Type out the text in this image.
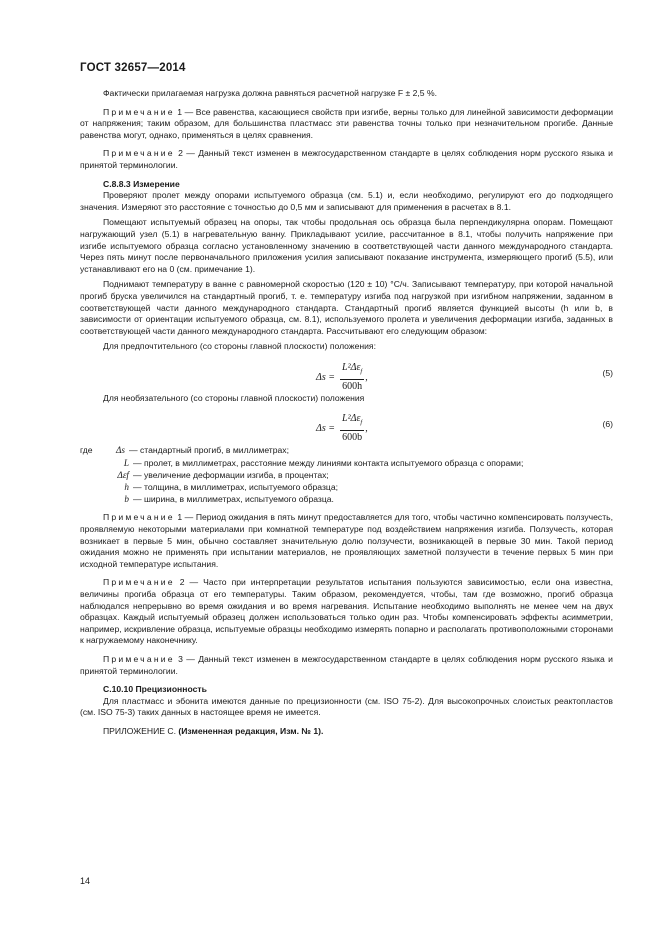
ГОСТ 32657—2014

Фактически прилагаемая нагрузка должна равняться расчетной нагрузке F ± 2,5 %.

Примечание 1 — Все равенства, касающиеся свойств при изгибе, верны только для линейной зависимости деформации от напряжения; таким образом, для большинства пластмасс эти равенства точны только при незначительном прогибе. Данные равенства могут, однако, применяться в целях сравнения.

Примечание 2 — Данный текст изменен в межгосударственном стандарте в целях соблюдения норм русского языка и принятой терминологии.

С.8.8.3 Измерение

Проверяют пролет между опорами испытуемого образца (см. 5.1) и, если необходимо, регулируют его до подходящего значения. Измеряют это расстояние с точностью до 0,5 мм и записывают для применения в расчетах в 8.1.

Помещают испытуемый образец на опоры, так чтобы продольная ось образца была перпендикулярна опорам. Помещают нагружающий узел (5.1) в нагревательную ванну. Прикладывают усилие, рассчитанное в 8.1, чтобы получить напряжение при изгибе испытуемого образца согласно установленному значению в соответствующей части данного международного стандарта. Через пять минут после первоначального приложения усилия записывают показание инструмента, измеряющего прогиб (5.5), или устанавливают его на 0 (см. примечание 1).

Поднимают температуру в ванне с равномерной скоростью (120 ± 10) °С/ч. Записывают температуру, при которой начальной прогиб бруска увеличился на стандартный прогиб, т. е. температуру изгиба под нагрузкой при изгибном напряжении, заданном в соответствующей части данного международного стандарта. Стандартный прогиб является функцией высоты (h или b, в зависимости от ориентации испытуемого образца, см. 8.1), используемого пролета и увеличения деформации изгиба, заданных в соответствующей части данного международного стандарта. Рассчитывают его следующим образом:

Для предпочтительного (со стороны главной плоскости) положения:

$\Delta s = \frac{L^2\Delta\varepsilon_f}{600h}$ ,	(5)

Для необязательного (со стороны главной плоскости) положения

$\Delta s = \frac{L^2\Delta\varepsilon_f}{600b}$ ,	(6)
где	Δs — стандартный прогиб, в миллиметрах;
L — пролет, в миллиметрах, расстояние между линиями контакта испытуемого образца с опорами;
Δεf — увеличение деформации изгиба, в процентах;
h — толщина, в миллиметрах, испытуемого образца;
b — ширина, в миллиметрах, испытуемого образца.

Примечание 1 — Период ожидания в пять минут предоставляется для того, чтобы частично компенсировать ползучесть, проявляемую некоторыми материалами при комнатной температуре под воздействием напряжения изгиба. Ползучесть, которая возникает в первые 5 мин, обычно составляет значительную долю ползучести, возникающей в первые 30 мин. Такой период ожидания можно не применять при испытании материалов, не проявляющих заметной ползучести в течение первых 5 мин при исходной температуре испытания.

Примечание 2 — Часто при интерпретации результатов испытания пользуются зависимостью, если она известна, величины прогиба образца от его температуры. Таким образом, рекомендуется, чтобы, там где возможно, прогиб образца наблюдался непрерывно во время ожидания и во время нагревания. Испытание необходимо выполнять не менее чем на двух образцах. Каждый испытуемый образец должен использоваться только один раз. Чтобы компенсировать эффекты асимметрии, например, искривление образца, испытуемые образцы необходимо измерять попарно и располагать противоположными сторонами к нагружаемому наконечнику.

Примечание 3 — Данный текст изменен в межгосударственном стандарте в целях соблюдения норм русского языка и принятой терминологии.

С.10.10 Прецизионность

Для пластмасс и эбонита имеются данные по прецизионности (см. ISO 75-2). Для высокопрочных слоистых реактопластов (см. ISO 75-3) таких данных в настоящее время не имеется.

ПРИЛОЖЕНИЕ С. (Измененная редакция, Изм. № 1).

14
